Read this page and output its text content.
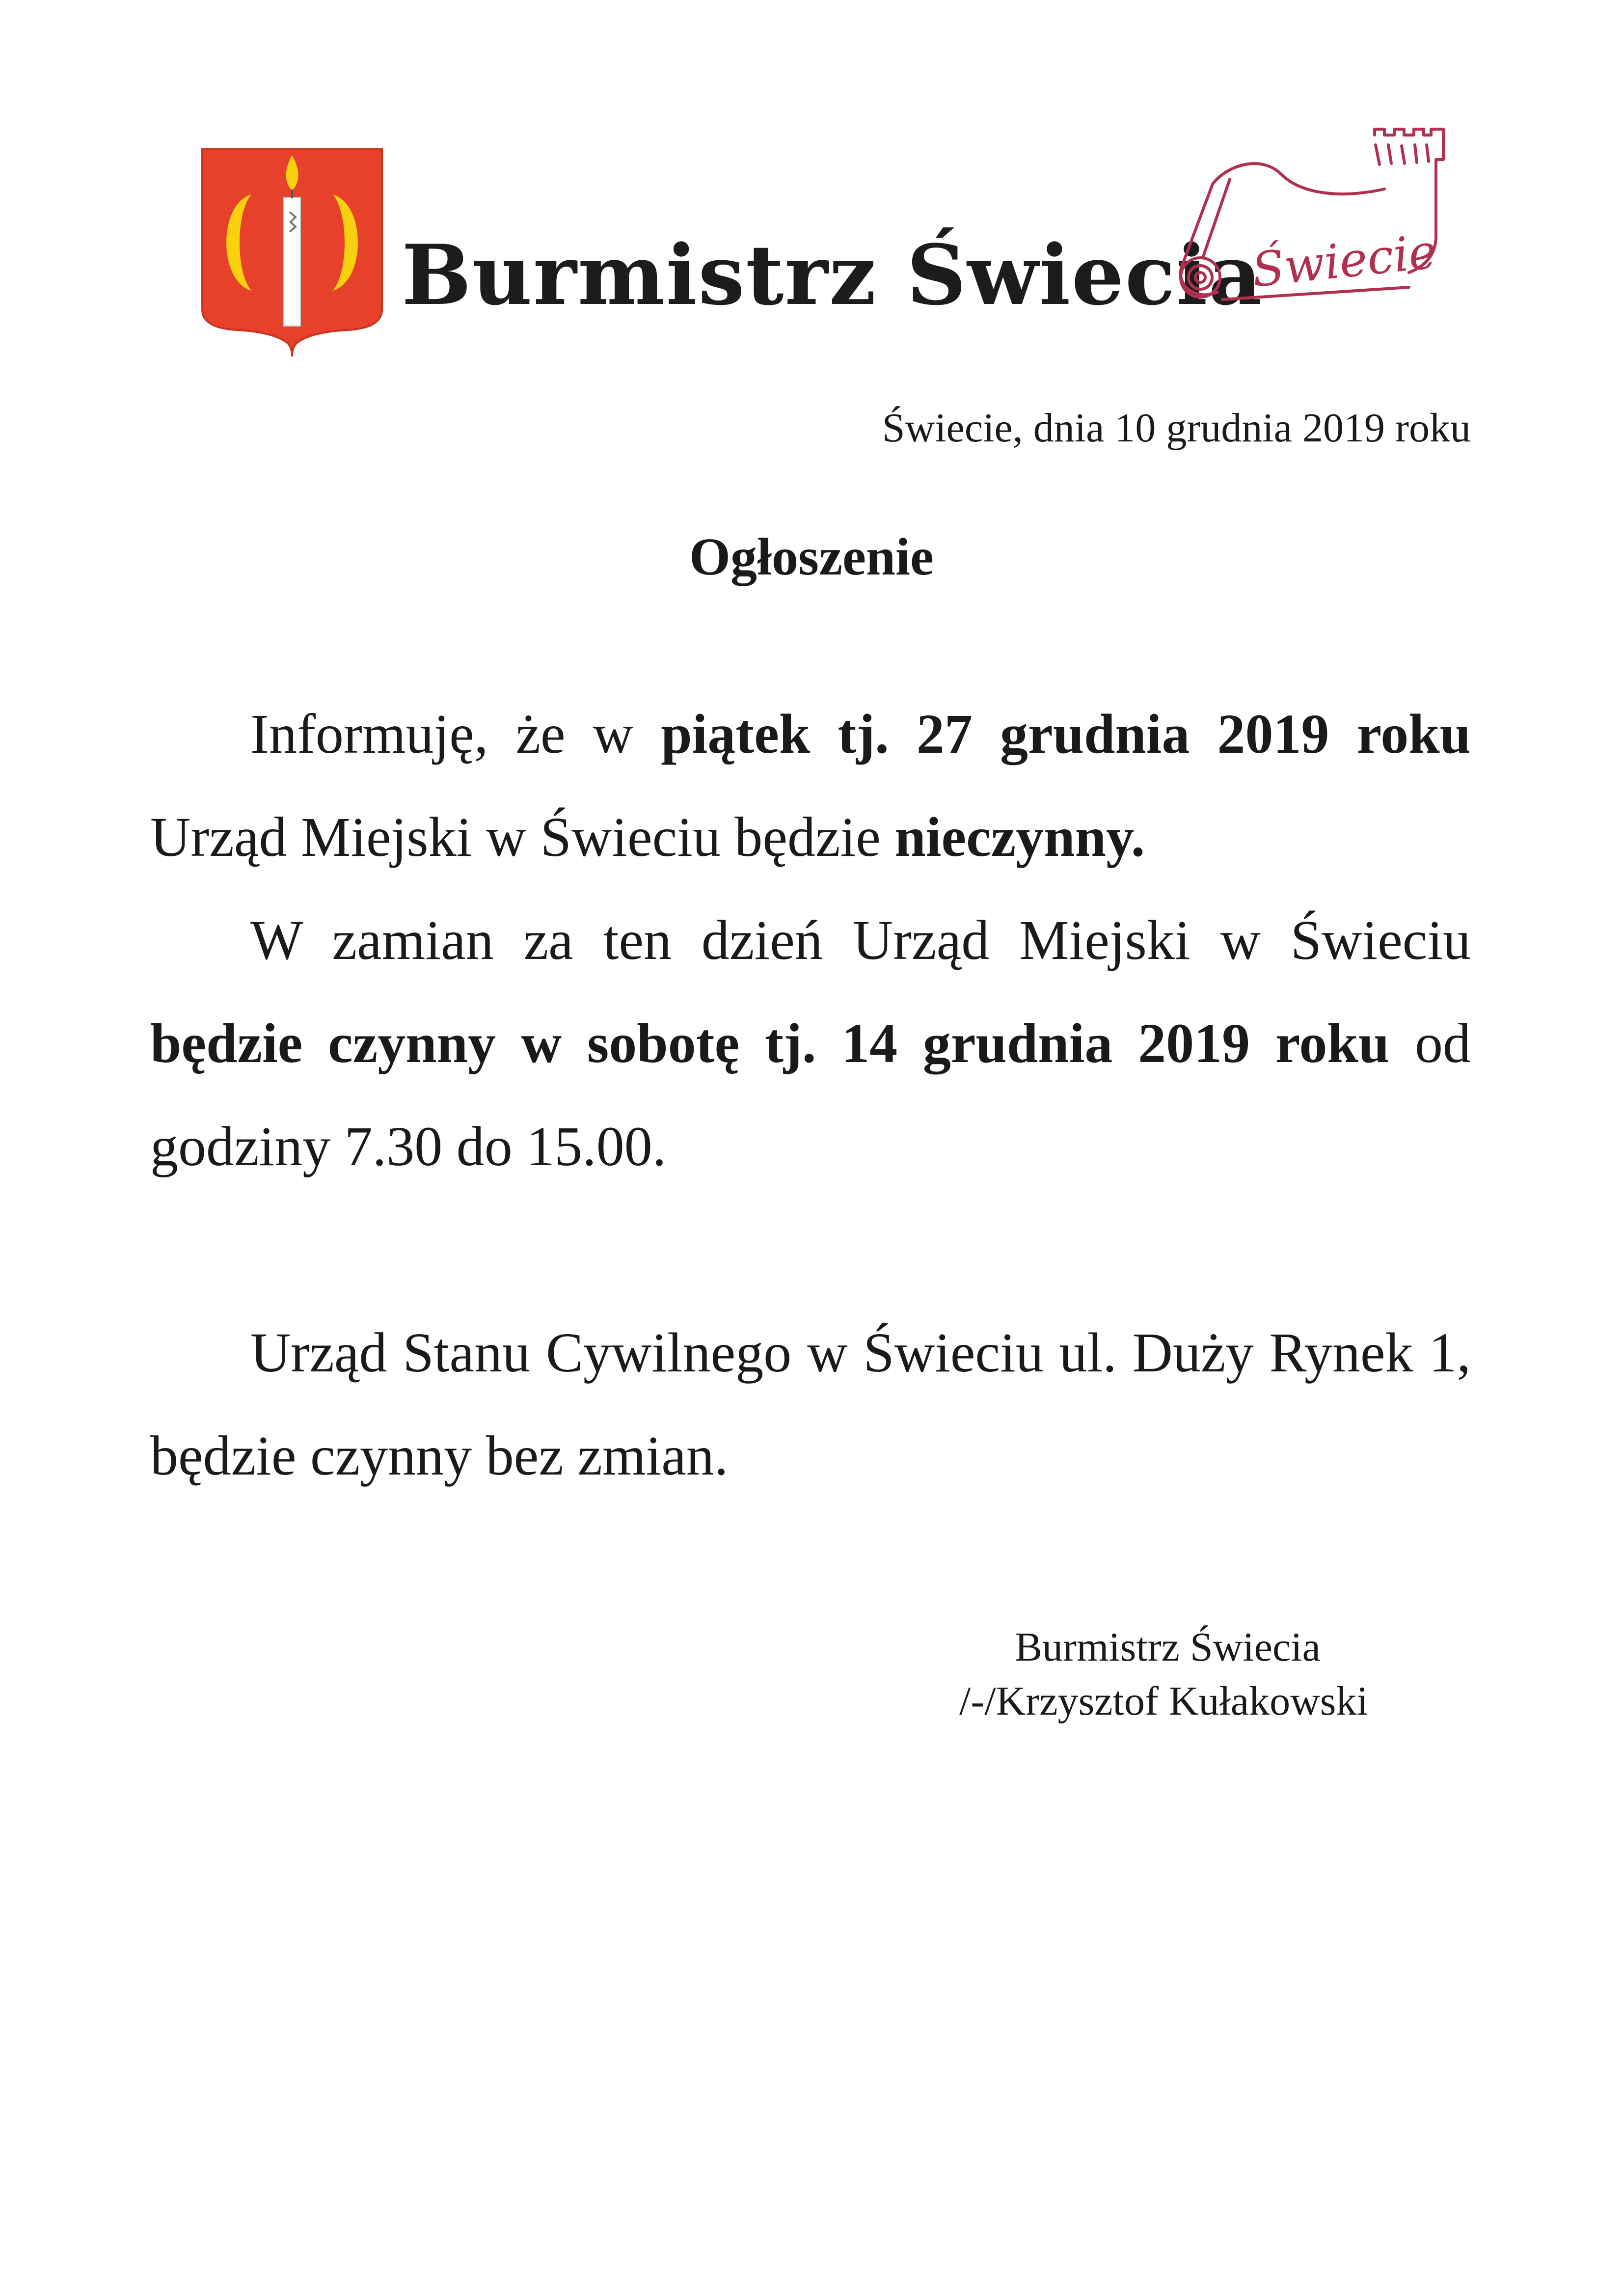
Burmistrz Świecia
Świecie
Świecie, dnia 10 grudnia 2019 roku
Ogłoszenie
Informuję, że w piątek tj. 27 grudnia 2019 roku Urząd Miejski w Świeciu będzie nieczynny.
W zamian za ten dzień Urząd Miejski w Świeciu będzie czynny w sobotę tj. 14 grudnia 2019 roku od godziny 7.30 do 15.00.
Urząd Stanu Cywilnego w Świeciu ul. Duży Rynek 1, będzie czynny bez zmian.
Burmistrz Świecia
/-/Krzysztof Kułakowski
